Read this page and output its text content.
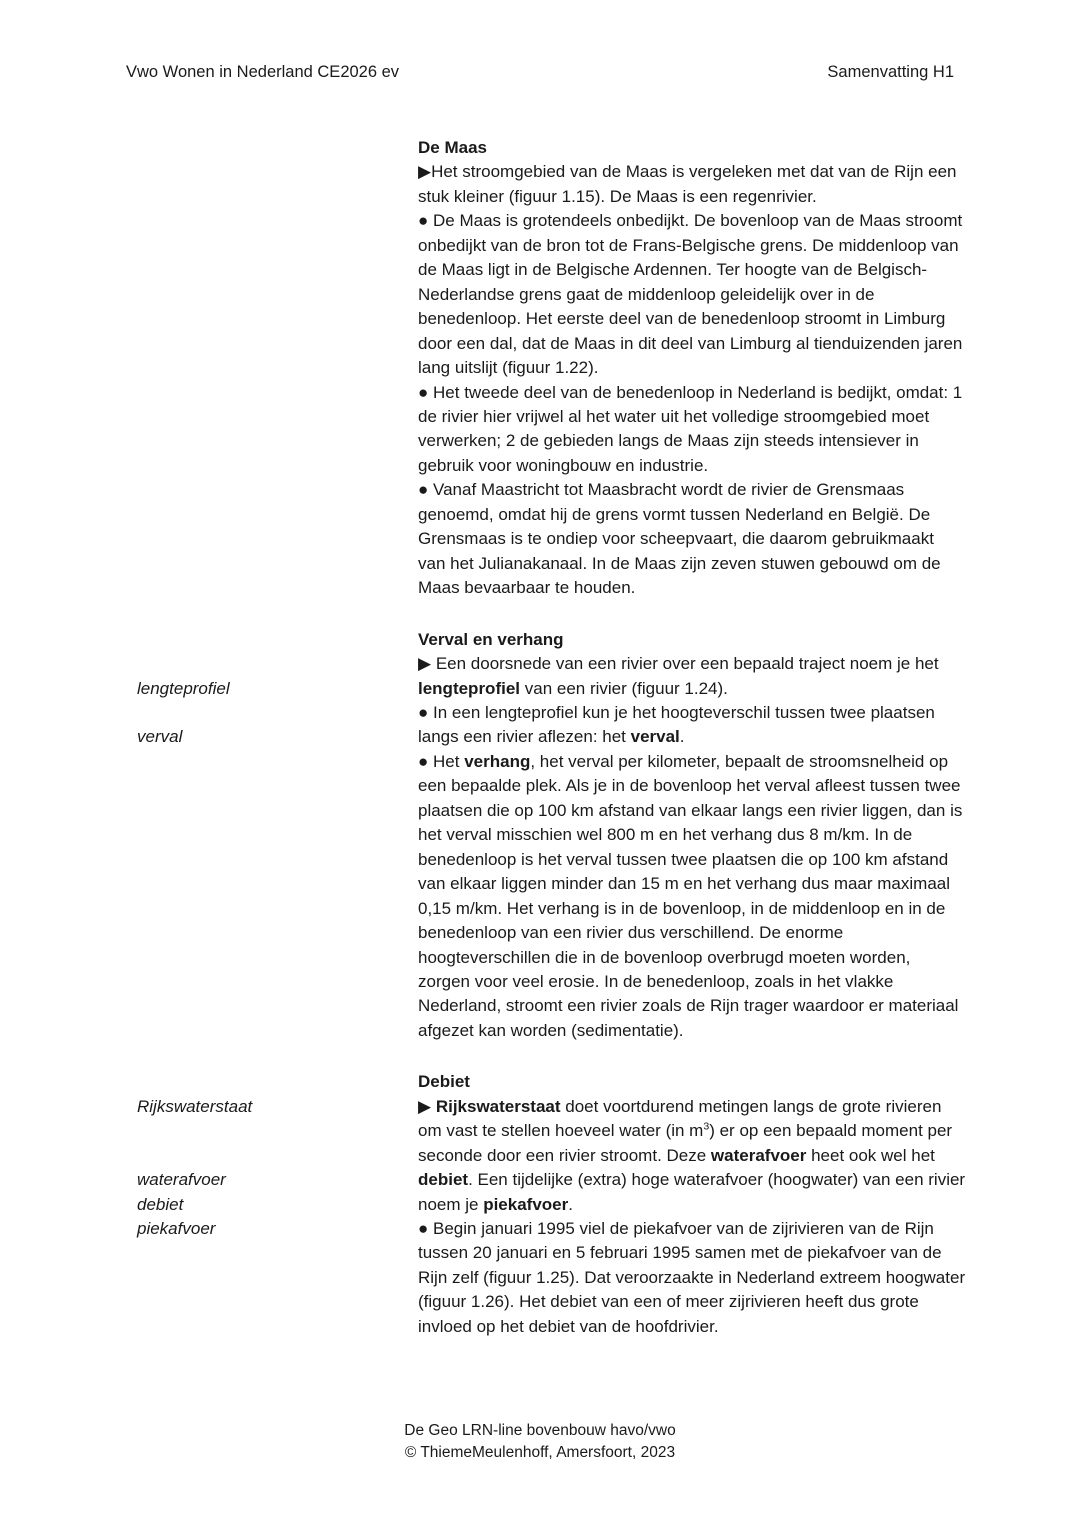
Vwo Wonen in Nederland CE2026 ev	Samenvatting H1

De Maas

▶Het stroomgebied van de Maas is vergeleken met dat van de Rijn een stuk kleiner (figuur 1.15). De Maas is een regenrivier.

● De Maas is grotendeels onbedijkt. De bovenloop van de Maas stroomt onbedijkt van de bron tot de Frans-Belgische grens. De middenloop van de Maas ligt in de Belgische Ardennen. Ter hoogte van de Belgisch-Nederlandse grens gaat de middenloop geleidelijk over in de benedenloop. Het eerste deel van de benedenloop stroomt in Limburg door een dal, dat de Maas in dit deel van Limburg al tienduizenden jaren lang uitslijt (figuur 1.22).

● Het tweede deel van de benedenloop in Nederland is bedijkt, omdat: 1 de rivier hier vrijwel al het water uit het volledige stroomgebied moet verwerken; 2 de gebieden langs de Maas zijn steeds intensiever in gebruik voor woningbouw en industrie.

● Vanaf Maastricht tot Maasbracht wordt de rivier de Grensmaas genoemd, omdat hij de grens vormt tussen Nederland en België. De Grensmaas is te ondiep voor scheepvaart, die daarom gebruikmaakt van het Julianakanaal. In de Maas zijn zeven stuwen gebouwd om de Maas bevaarbaar te houden.

lengteprofiel

verval

Verval en verhang

▶ Een doorsnede van een rivier over een bepaald traject noem je het lengteprofiel van een rivier (figuur 1.24).

● In een lengteprofiel kun je het hoogteverschil tussen twee plaatsen langs een rivier aflezen: het verval.

● Het verhang, het verval per kilometer, bepaalt de stroomsnelheid op een bepaalde plek. Als je in de bovenloop het verval afleest tussen twee plaatsen die op 100 km afstand van elkaar langs een rivier liggen, dan is het verval misschien wel 800 m en het verhang dus 8 m/km. In de benedenloop is het verval tussen twee plaatsen die op 100 km afstand van elkaar liggen minder dan 15 m en het verhang dus maar maximaal 0,15 m/km. Het verhang is in de bovenloop, in de middenloop en in de benedenloop van een rivier dus verschillend. De enorme hoogteverschillen die in de bovenloop overbrugd moeten worden, zorgen voor veel erosie. In de benedenloop, zoals in het vlakke Nederland, stroomt een rivier zoals de Rijn trager waardoor er materiaal afgezet kan worden (sedimentatie).

Rijkswaterstaat

waterafvoer
debiet
piekafvoer

Debiet

▶ Rijkswaterstaat doet voortdurend metingen langs de grote rivieren om vast te stellen hoeveel water (in $m^3$) er op een bepaald moment per seconde door een rivier stroomt. Deze waterafvoer heet ook wel het debiet. Een tijdelijke (extra) hoge waterafvoer (hoogwater) van een rivier noem je piekafvoer.

● Begin januari 1995 viel de piekafvoer van de zijrivieren van de Rijn tussen 20 januari en 5 februari 1995 samen met de piekafvoer van de Rijn zelf (figuur 1.25). Dat veroorzaakte in Nederland extreem hoogwater (figuur 1.26). Het debiet van een of meer zijrivieren heeft dus grote invloed op het debiet van de hoofdrivier.

De Geo LRN-line bovenbouw havo/vwo
© ThiemeMeulenhoff, Amersfoort, 2023
